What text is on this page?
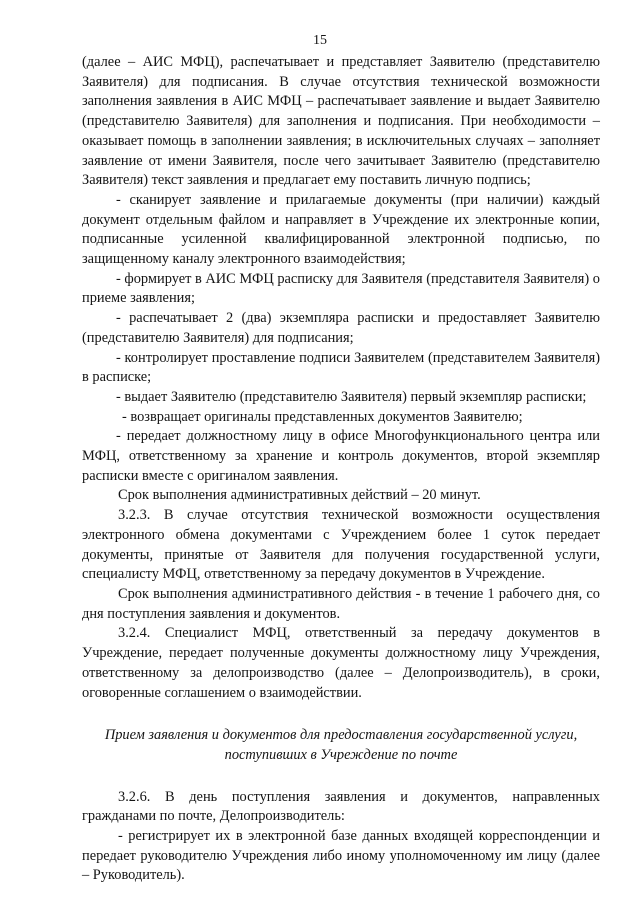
15

(далее – АИС МФЦ), распечатывает и представляет Заявителю (представителю Заявителя) для подписания. В случае отсутствия технической возможности заполнения заявления в АИС МФЦ – распечатывает заявление и выдает Заявителю (представителю Заявителя) для заполнения и подписания. При необходимости – оказывает помощь в заполнении заявления; в исключительных случаях – заполняет заявление от имени Заявителя, после чего зачитывает Заявителю (представителю Заявителя) текст заявления и предлагает ему поставить личную подпись;

- сканирует заявление и прилагаемые документы (при наличии) каждый документ отдельным файлом и направляет в Учреждение их электронные копии, подписанные усиленной квалифицированной электронной подписью, по защищенному каналу электронного взаимодействия;

- формирует в АИС МФЦ расписку для Заявителя (представителя Заявителя) о приеме заявления;

- распечатывает 2 (два) экземпляра расписки и предоставляет Заявителю (представителю Заявителя) для подписания;

- контролирует проставление подписи Заявителем (представителем Заявителя) в расписке;

- выдает Заявителю (представителю Заявителя) первый экземпляр расписки;

- возвращает оригиналы представленных документов Заявителю;

- передает должностному лицу в офисе Многофункционального центра или МФЦ, ответственному за хранение и контроль документов, второй экземпляр расписки вместе с оригиналом заявления.

Срок выполнения административных действий – 20 минут.

3.2.3. В случае отсутствия технической возможности осуществления электронного обмена документами с Учреждением более 1 суток передает документы, принятые от Заявителя для получения государственной услуги, специалисту МФЦ, ответственному за передачу документов в Учреждение.

Срок выполнения административного действия - в течение 1 рабочего дня, со дня поступления заявления и документов.

3.2.4. Специалист МФЦ, ответственный за передачу документов в Учреждение, передает полученные документы должностному лицу Учреждения, ответственному за делопроизводство (далее – Делопроизводитель), в сроки, оговоренные соглашением о взаимодействии.

Прием заявления и документов для предоставления государственной услуги, поступивших в Учреждение по почте

3.2.6. В день поступления заявления и документов, направленных гражданами по почте, Делопроизводитель:

- регистрирует их в электронной базе данных входящей корреспонденции и передает руководителю Учреждения либо иному уполномоченному им лицу (далее – Руководитель).
